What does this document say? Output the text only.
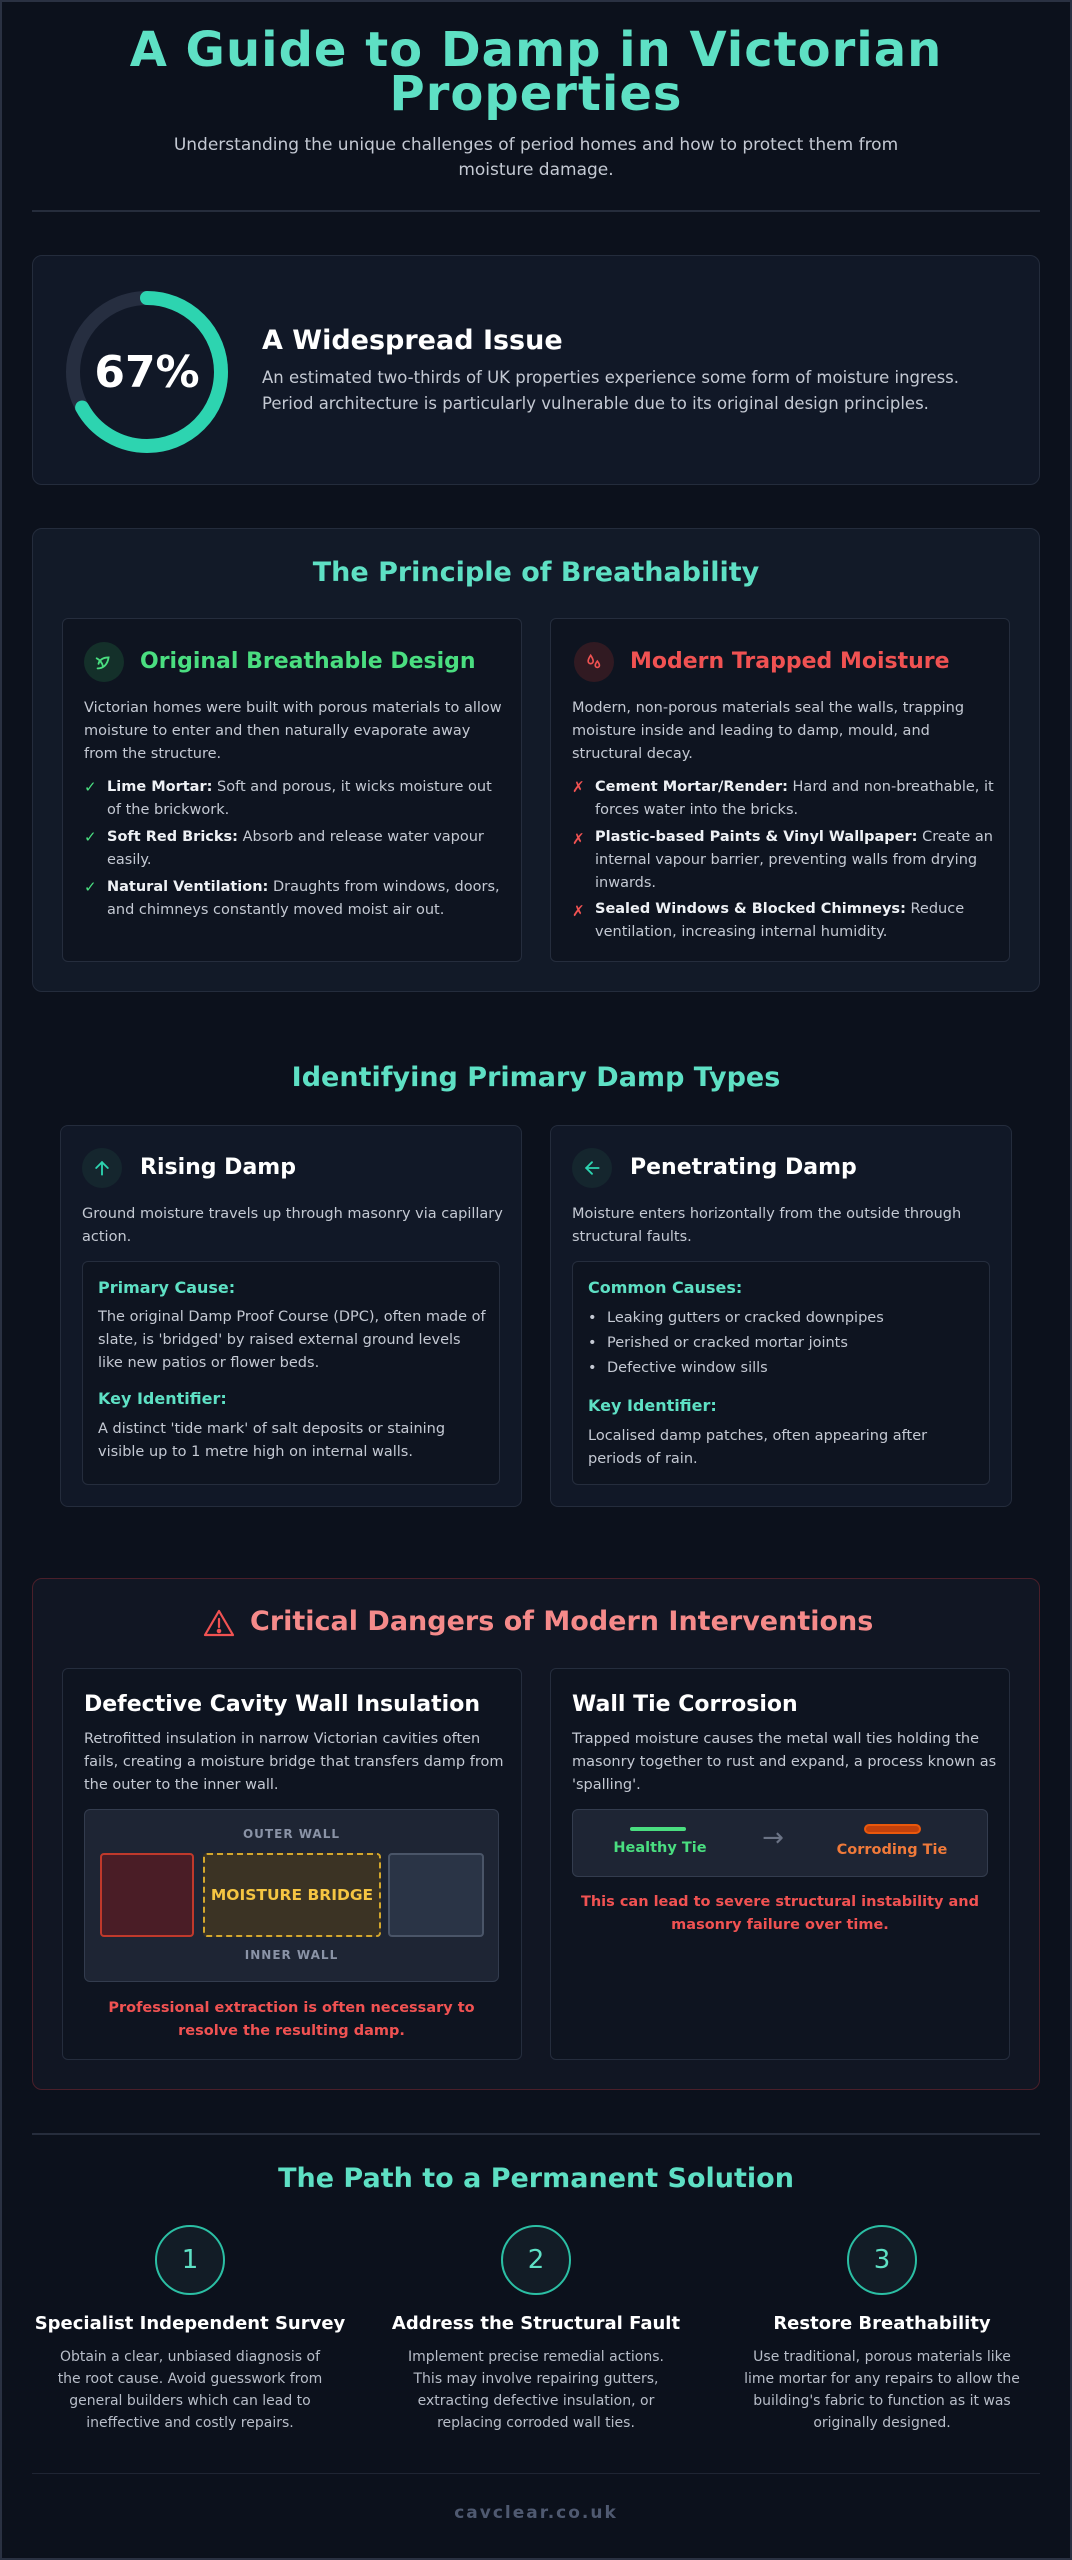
A Guide to Damp in Victorian Properties
Understanding the unique challenges of period homes and how to protect them from moisture damage.
67%
A Widespread Issue
An estimated two-thirds of UK properties experience some form of moisture ingress. Period architecture is particularly vulnerable due to its original design principles.
The Principle of Breathability
Original Breathable Design
Victorian homes were built with porous materials to allow moisture to enter and then naturally evaporate away from the structure.
✓ Lime Mortar: Soft and porous, it wicks moisture out of the brickwork.
✓ Soft Red Bricks: Absorb and release water vapour easily.
✓ Natural Ventilation: Draughts from windows, doors, and chimneys constantly moved moist air out.
Modern Trapped Moisture
Modern, non-porous materials seal the walls, trapping moisture inside and leading to damp, mould, and structural decay.
✗ Cement Mortar/Render: Hard and non-breathable, it forces water into the bricks.
✗ Plastic-based Paints & Vinyl Wallpaper: Create an internal vapour barrier, preventing walls from drying inwards.
✗ Sealed Windows & Blocked Chimneys: Reduce ventilation, increasing internal humidity.
Identifying Primary Damp Types
Rising Damp
Ground moisture travels up through masonry via capillary action.
Primary Cause:
The original Damp Proof Course (DPC), often made of slate, is 'bridged' by raised external ground levels like new patios or flower beds.
Key Identifier:
A distinct 'tide mark' of salt deposits or staining visible up to 1 metre high on internal walls.
Penetrating Damp
Moisture enters horizontally from the outside through structural faults.
Common Causes:
• Leaking gutters or cracked downpipes
• Perished or cracked mortar joints
• Defective window sills
Key Identifier:
Localised damp patches, often appearing after periods of rain.
Critical Dangers of Modern Interventions
Defective Cavity Wall Insulation
Retrofitted insulation in narrow Victorian cavities often fails, creating a moisture bridge that transfers damp from the outer to the inner wall.
OUTER WALL
MOISTURE BRIDGE
INNER WALL
Professional extraction is often necessary to resolve the resulting damp.
Wall Tie Corrosion
Trapped moisture causes the metal wall ties holding the masonry together to rust and expand, a process known as 'spalling'.
Healthy Tie	→	Corroding Tie
This can lead to severe structural instability and masonry failure over time.
The Path to a Permanent Solution
1
Specialist Independent Survey
Obtain a clear, unbiased diagnosis of the root cause. Avoid guesswork from general builders which can lead to ineffective and costly repairs.
2
Address the Structural Fault
Implement precise remedial actions. This may involve repairing gutters, extracting defective insulation, or replacing corroded wall ties.
3
Restore Breathability
Use traditional, porous materials like lime mortar for any repairs to allow the building's fabric to function as it was originally designed.
cavclear.co.uk
